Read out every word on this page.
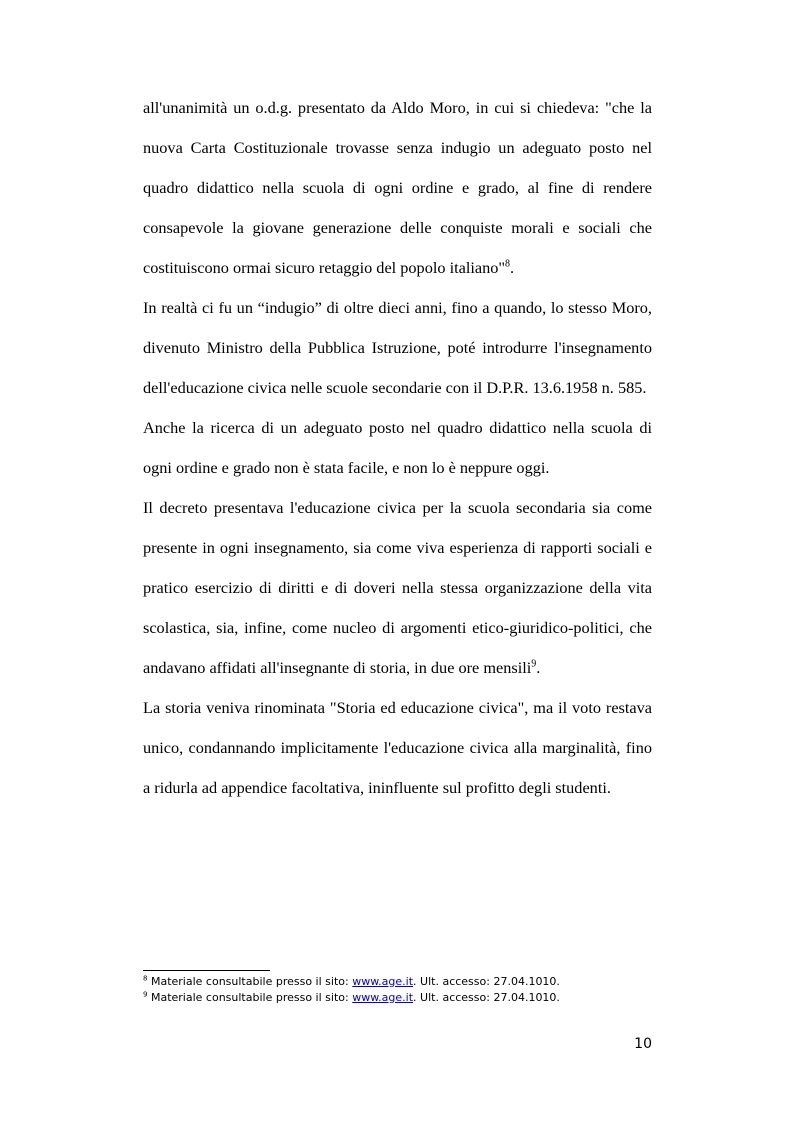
all'unanimità un o.d.g. presentato da Aldo Moro, in cui si chiedeva: "che la nuova Carta Costituzionale trovasse senza indugio un adeguato posto nel quadro didattico nella scuola di ogni ordine e grado, al fine di rendere consapevole la giovane generazione delle conquiste morali e sociali che costituiscono ormai sicuro retaggio del popolo italiano"$^8$.

In realtà ci fu un “indugio” di oltre dieci anni, fino a quando, lo stesso Moro, divenuto Ministro della Pubblica Istruzione, poté introdurre l'insegnamento dell'educazione civica nelle scuole secondarie con il D.P.R. 13.6.1958 n. 585.

Anche la ricerca di un adeguato posto nel quadro didattico nella scuola di ogni ordine e grado non è stata facile, e non lo è neppure oggi.

Il decreto presentava l'educazione civica per la scuola secondaria sia come presente in ogni insegnamento, sia come viva esperienza di rapporti sociali e pratico esercizio di diritti e di doveri nella stessa organizzazione della vita scolastica, sia, infine, come nucleo di argomenti etico-giuridico-politici, che andavano affidati all'insegnante di storia, in due ore mensili$^9$.

La storia veniva rinominata "Storia ed educazione civica", ma il voto restava unico, condannando implicitamente l'educazione civica alla marginalità, fino a ridurla ad appendice facoltativa, ininfluente sul profitto degli studenti.

$^8$ Materiale consultabile presso il sito: www.age.it. Ult. accesso: 27.04.1010.
$^9$ Materiale consultabile presso il sito: www.age.it. Ult. accesso: 27.04.1010.
10
